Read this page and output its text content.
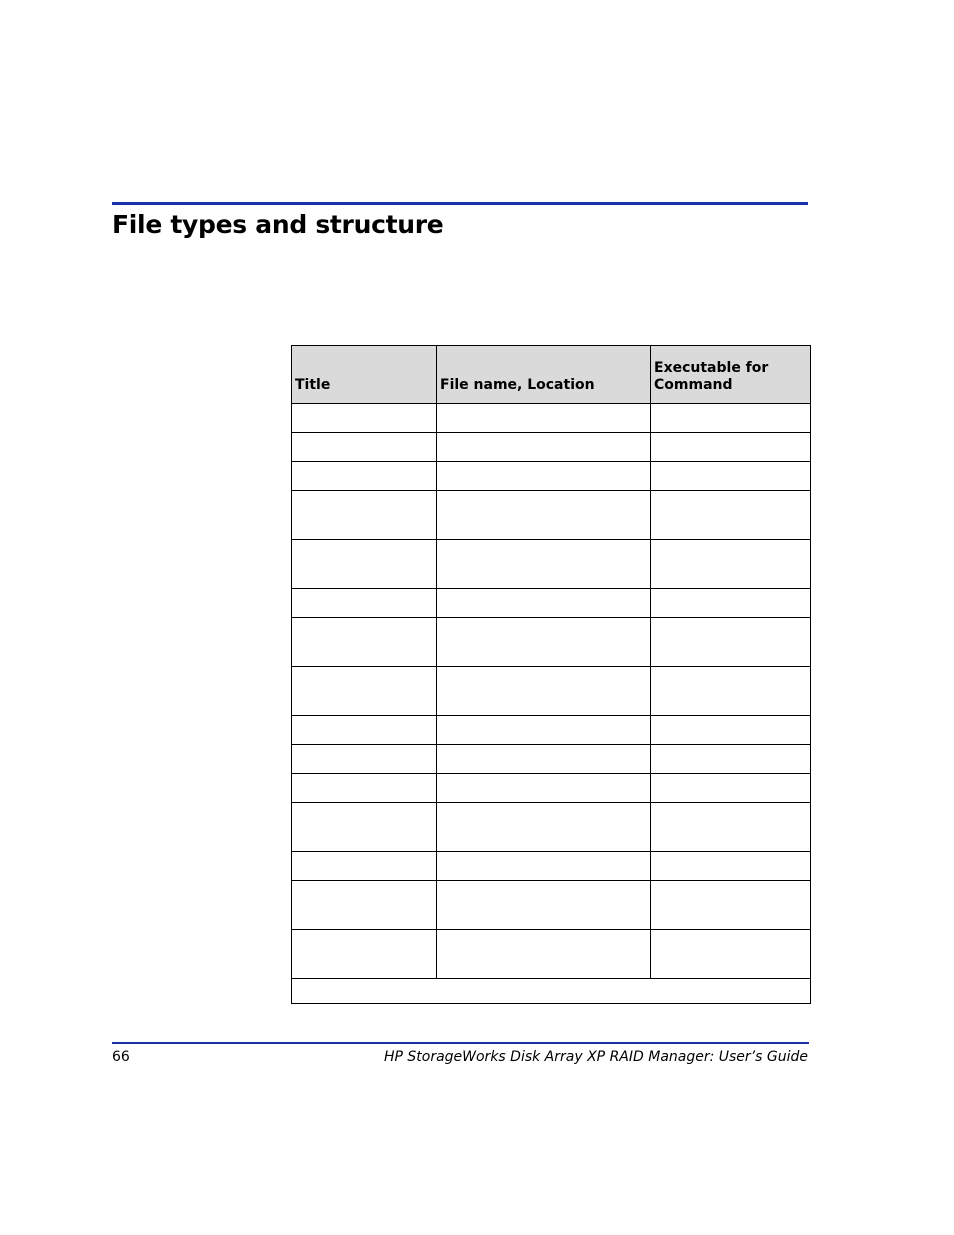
File types and structure
Title	File name, Location	Executable for Command

66	HP StorageWorks Disk Array XP RAID Manager: User’s Guide
